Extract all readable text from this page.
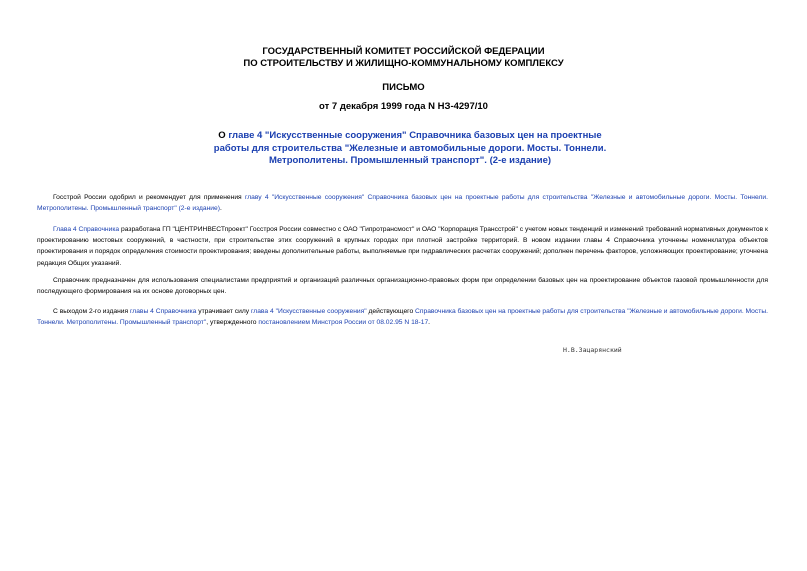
ГОСУДАРСТВЕННЫЙ КОМИТЕТ РОССИЙСКОЙ ФЕДЕРАЦИИ
ПО СТРОИТЕЛЬСТВУ И ЖИЛИЩНО-КОММУНАЛЬНОМУ КОМПЛЕКСУ
ПИСЬМО
от 7 декабря 1999 года N НЗ-4297/10
О главе 4 "Искусственные сооружения" Справочника базовых цен на проектные работы для строительства "Железные и автомобильные дороги. Мосты. Тоннели. Метрополитены. Промышленный транспорт". (2-е издание)
Госстрой России одобрил и рекомендует для применения главу 4 "Искусственные сооружения" Справочника базовых цен на проектные работы для строительства "Железные и автомобильные дороги. Мосты. Тоннели. Метрополитены. Промышленный транспорт" (2-е издание).
Глава 4 Справочника разработана ГП "ЦЕНТРИНВЕСТпроект" Госстроя России совместно с ОАО "Гипротрансмост" и ОАО "Корпорация Трансстрой" с учетом новых тенденций и изменений требований нормативных документов к проектированию мостовых сооружений, в частности, при строительстве этих сооружений в крупных городах при плотной застройке территорий. В новом издании главы 4 Справочника уточнены номенклатура объектов проектирования и порядок определения стоимости проектирования; введены дополнительные работы, выполняемые при гидравлических расчетах сооружений; дополнен перечень факторов, усложняющих проектирование; уточнена редакция Общих указаний.
Справочник предназначен для использования специалистами предприятий и организаций различных организационно-правовых форм при определении базовых цен на проектирование объектов газовой промышленности для последующего формирования на их основе договорных цен.
С выходом 2-го издания главы 4 Справочника утрачивает силу глава 4 "Искусственные сооружения" действующего Справочника базовых цен на проектные работы для строительства "Железные и автомобильные дороги. Мосты. Тоннели. Метрополитены. Промышленный транспорт", утвержденного постановлением Минстроя России от 08.02.95 N 18-17.
Н.В.Зацарянский
